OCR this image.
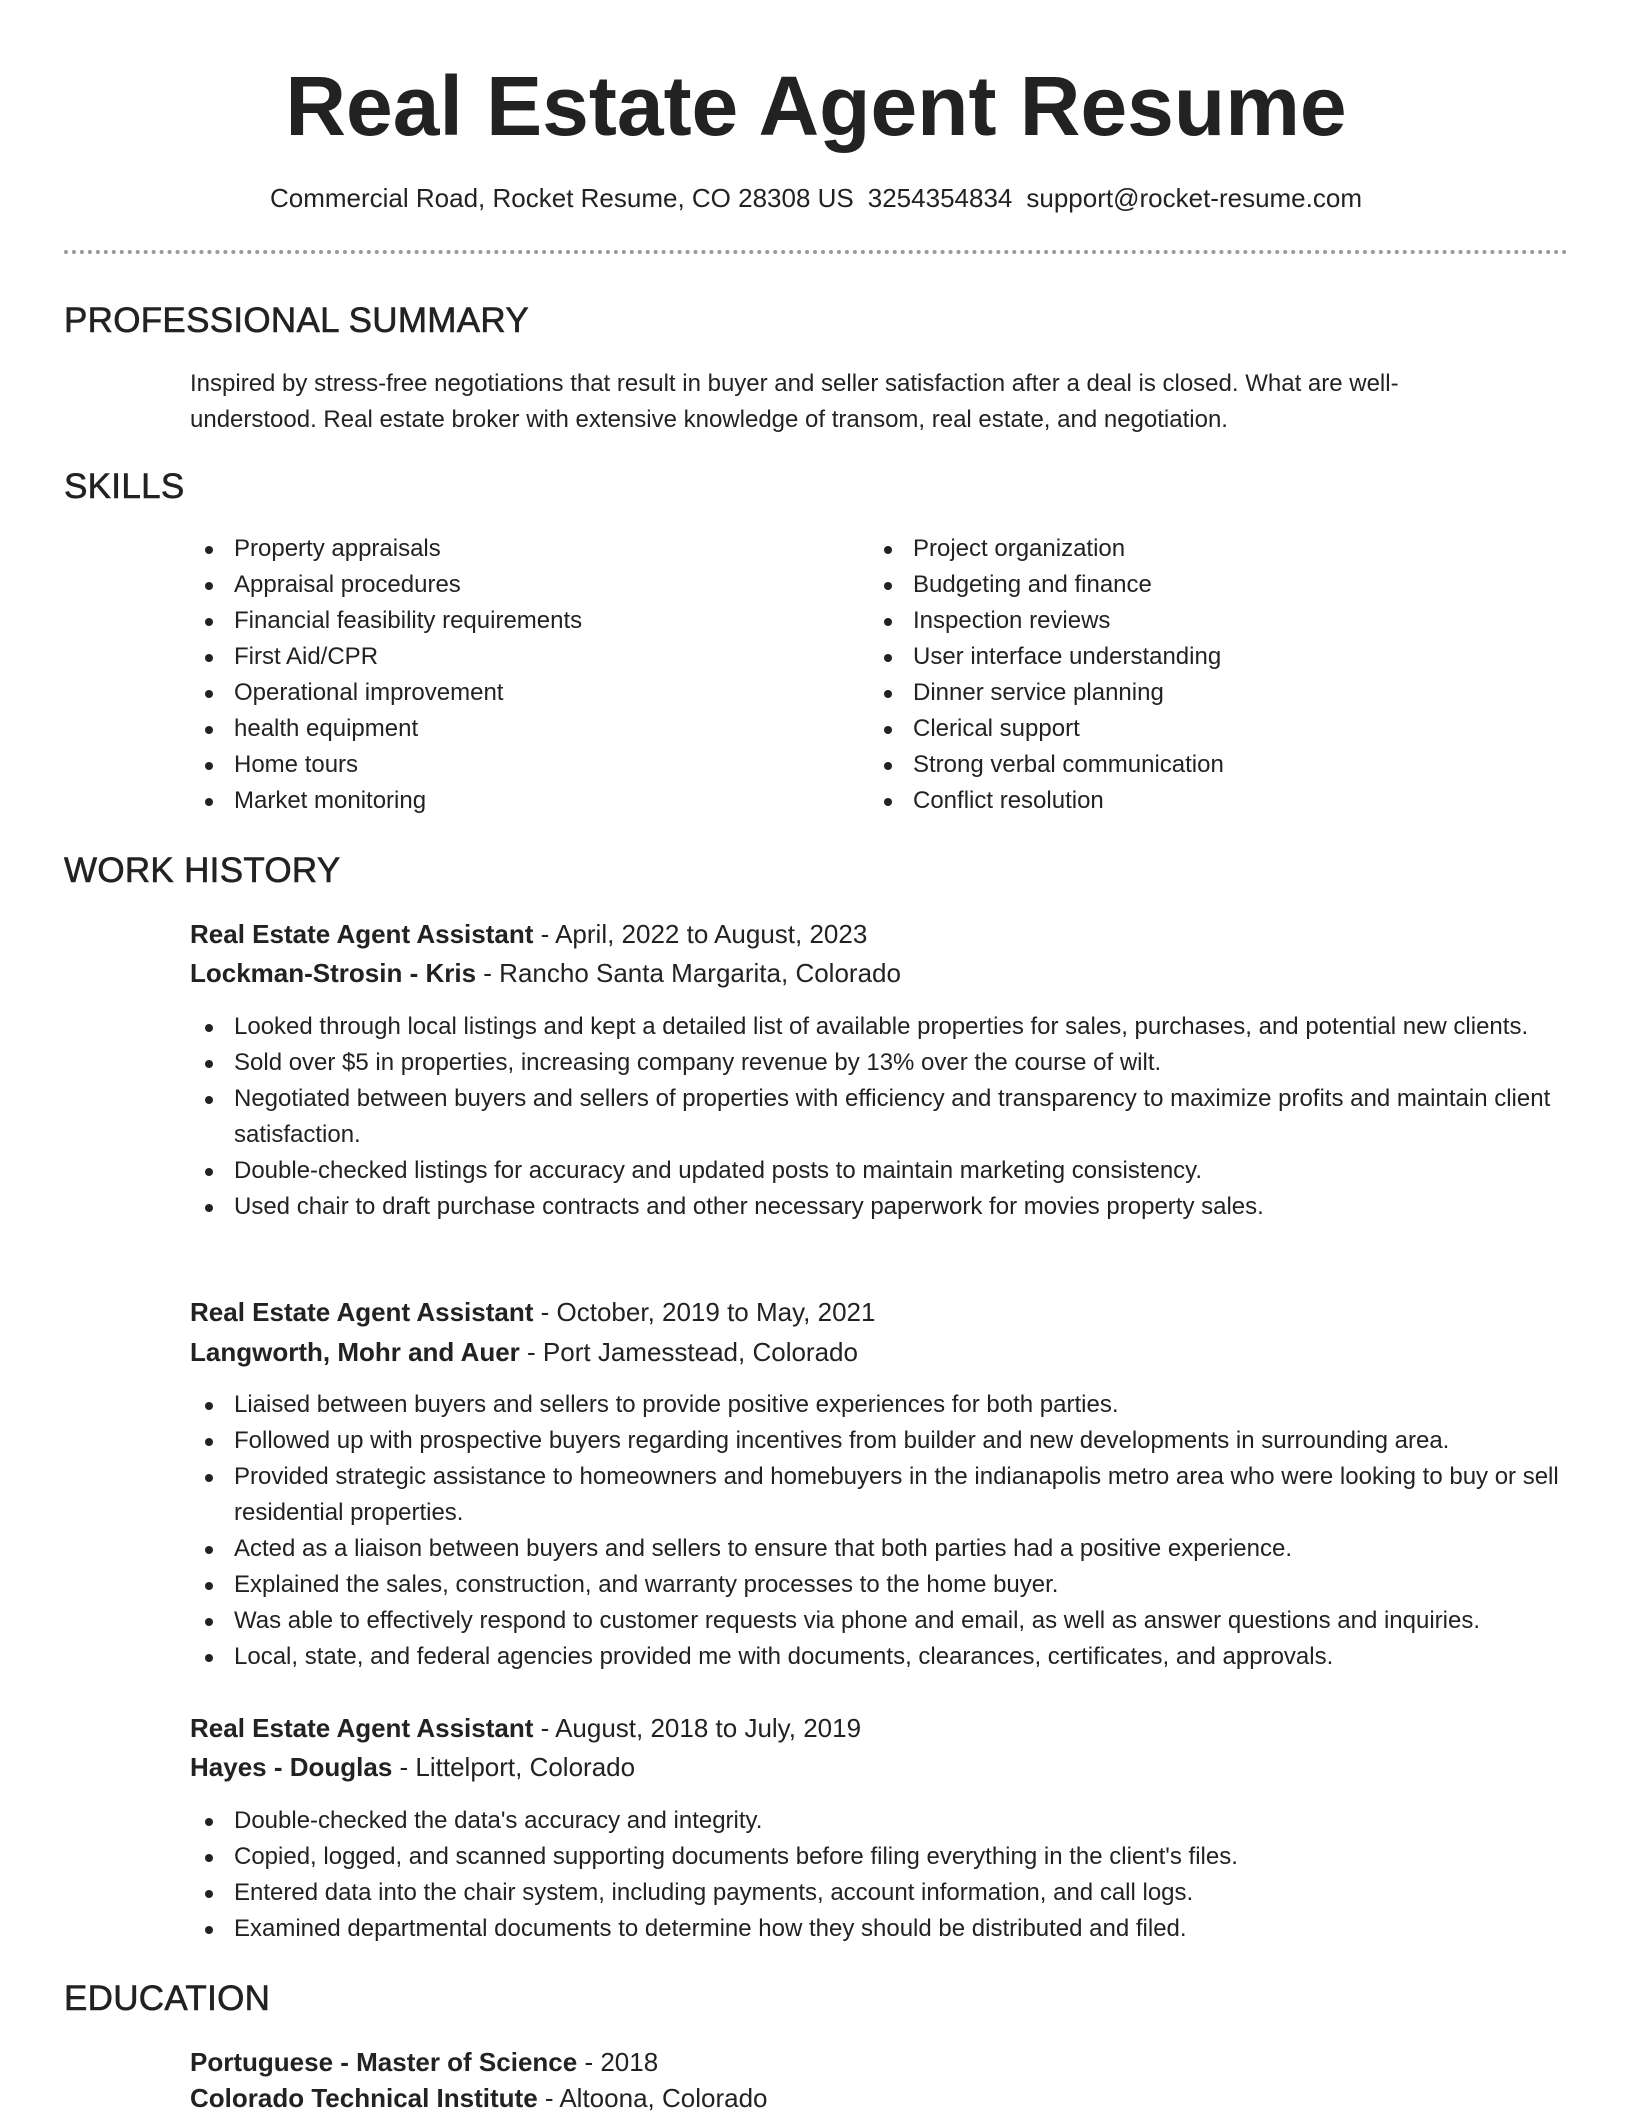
Real Estate Agent Resume
Commercial Road, Rocket Resume, CO 28308 US 3254354834 support@rocket-resume.com
PROFESSIONAL SUMMARY

Inspired by stress-free negotiations that result in buyer and seller satisfaction after a deal is closed. What are well-understood. Real estate broker with extensive knowledge of transom, real estate, and negotiation.

SKILLS
Property appraisals
Appraisal procedures
Financial feasibility requirements
First Aid/CPR
Operational improvement
health equipment
Home tours
Market monitoring
Project organization
Budgeting and finance
Inspection reviews
User interface understanding
Dinner service planning
Clerical support
Strong verbal communication
Conflict resolution
WORK HISTORY
Real Estate Agent Assistant - April, 2022 to August, 2023
Lockman-Strosin - Kris - Rancho Santa Margarita, Colorado
Looked through local listings and kept a detailed list of available properties for sales, purchases, and potential new clients.
Sold over $5 in properties, increasing company revenue by 13% over the course of wilt.
Negotiated between buyers and sellers of properties with efficiency and transparency to maximize profits and maintain client satisfaction.
Double-checked listings for accuracy and updated posts to maintain marketing consistency.
Used chair to draft purchase contracts and other necessary paperwork for movies property sales.
Real Estate Agent Assistant - October, 2019 to May, 2021
Langworth, Mohr and Auer - Port Jamesstead, Colorado
Liaised between buyers and sellers to provide positive experiences for both parties.
Followed up with prospective buyers regarding incentives from builder and new developments in surrounding area.
Provided strategic assistance to homeowners and homebuyers in the indianapolis metro area who were looking to buy or sell residential properties.
Acted as a liaison between buyers and sellers to ensure that both parties had a positive experience.
Explained the sales, construction, and warranty processes to the home buyer.
Was able to effectively respond to customer requests via phone and email, as well as answer questions and inquiries.
Local, state, and federal agencies provided me with documents, clearances, certificates, and approvals.
Real Estate Agent Assistant - August, 2018 to July, 2019
Hayes - Douglas - Littelport, Colorado
Double-checked the data's accuracy and integrity.
Copied, logged, and scanned supporting documents before filing everything in the client's files.
Entered data into the chair system, including payments, account information, and call logs.
Examined departmental documents to determine how they should be distributed and filed.
EDUCATION
Portuguese - Master of Science - 2018
Colorado Technical Institute - Altoona, Colorado
